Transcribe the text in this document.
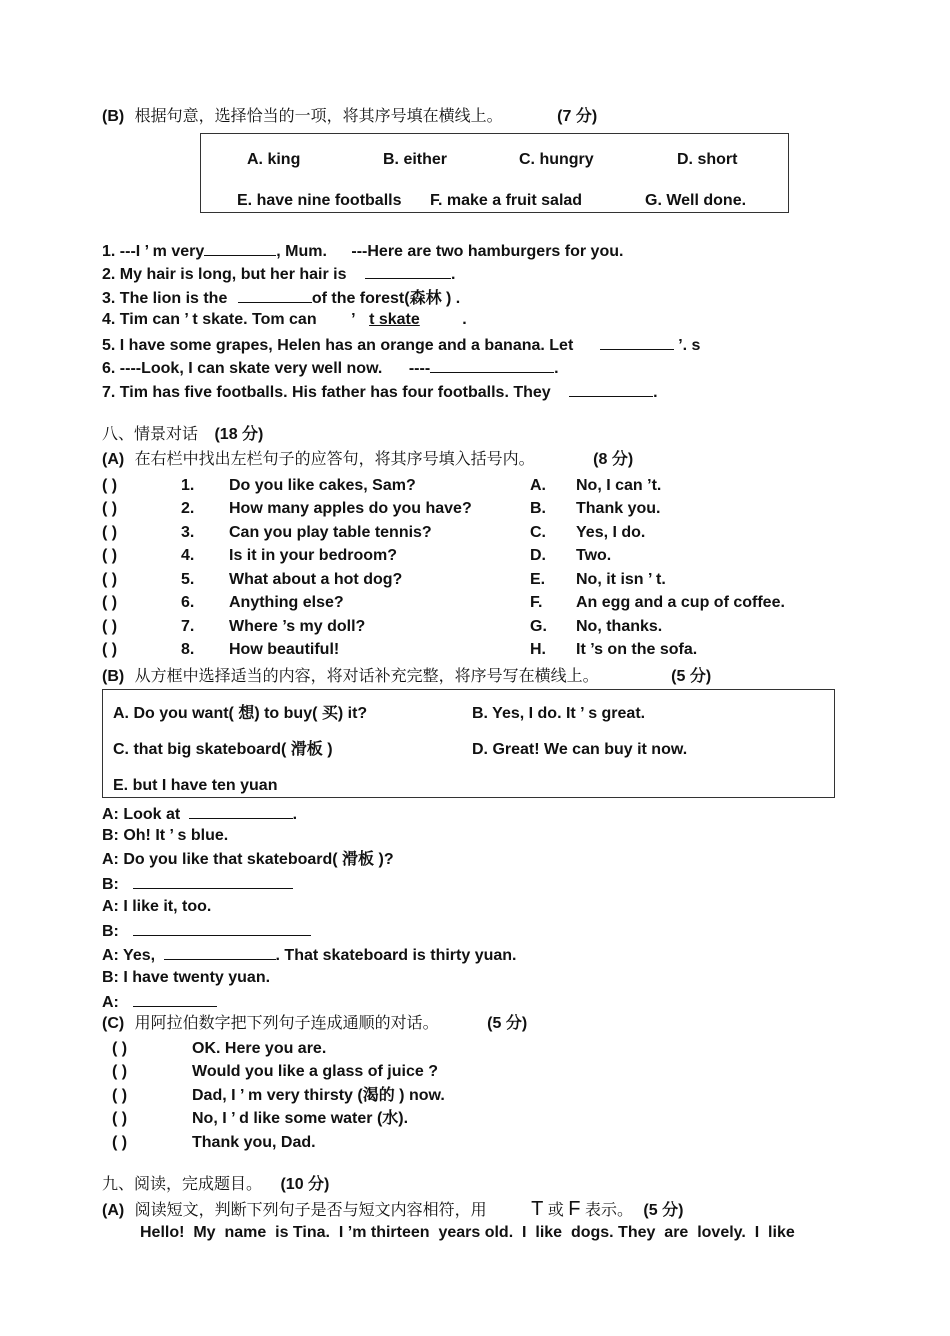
(B) 根据句意，选择恰当的一项，将其序号填在横线上。	(7 分)
A. king	B. either	C. hungry	D. short
E. have nine footballs F. make a fruit salad	G. Well done.
1. ---I ’ m very	, Mum. ---Here are two hamburgers for you.
2. My hair is long, but her hair is	.
3. The lion is the	of the forest(森林 ) .
4. Tim can ’ t skate. Tom can ’ t skate	.
5. I have some grapes, Helen has an orange and a banana. Let	’. s
6. ----Look, I can skate very well now. ----	.
7. Tim has five footballs. His father has four footballs. They	.
八、情景对话 (18 分)
(A) 在右栏中找出左栏句子的应答句，将其序号填入括号内。	(8 分)
( )	1. Do you like cakes, Sam?	A. No, I can ’t.
( )	2. How many apples do you have?	B. Thank you.
( )	3. Can you play table tennis?	C. Yes, I do.
( )	4. Is it in your bedroom?	D. Two.
( )	5. What about a hot dog?	E. No, it isn ’ t.
( )	6. Anything else?	F. An egg and a cup of coffee.
( )	7. Where ’s my doll?	G. No, thanks.
( )	8. How beautiful!	H. It ’s on the sofa.
(B) 从方框中选择适当的内容，将对话补充完整，将序号写在横线上。	(5 分)
A. Do you want( 想) to buy( 买) it?	B. Yes, I do. It ’ s great.
C. that big skateboard( 滑板 )	D. Great! We can buy it now.
E. but I have ten yuan
A: Look at	.
B: Oh! It ’ s blue.
A: Do you like that skateboard( 滑板 )?
B:
A: I like it, too.
B:
A: Yes,	. That skateboard is thirty yuan.
B: I have twenty yuan.
A:
(C) 用阿拉伯数字把下列句子连成通顺的对话。	(5 分)
( )	OK. Here you are.
( )	Would you like a glass of juice ?
( )	Dad, I ’ m very thirsty (渴的 ) now.
( )	No, I ’ d like some water (水).
( )	Thank you, Dad.
九、阅读，完成题目。 (10 分)
(A) 阅读短文，判断下列句子是否与短文内容相符，用 T 或 F 表示。 (5 分)
Hello!  My  name  is Tina.  I ’m thirteen  years old.  I  like  dogs. They  are  lovely.  I  like
